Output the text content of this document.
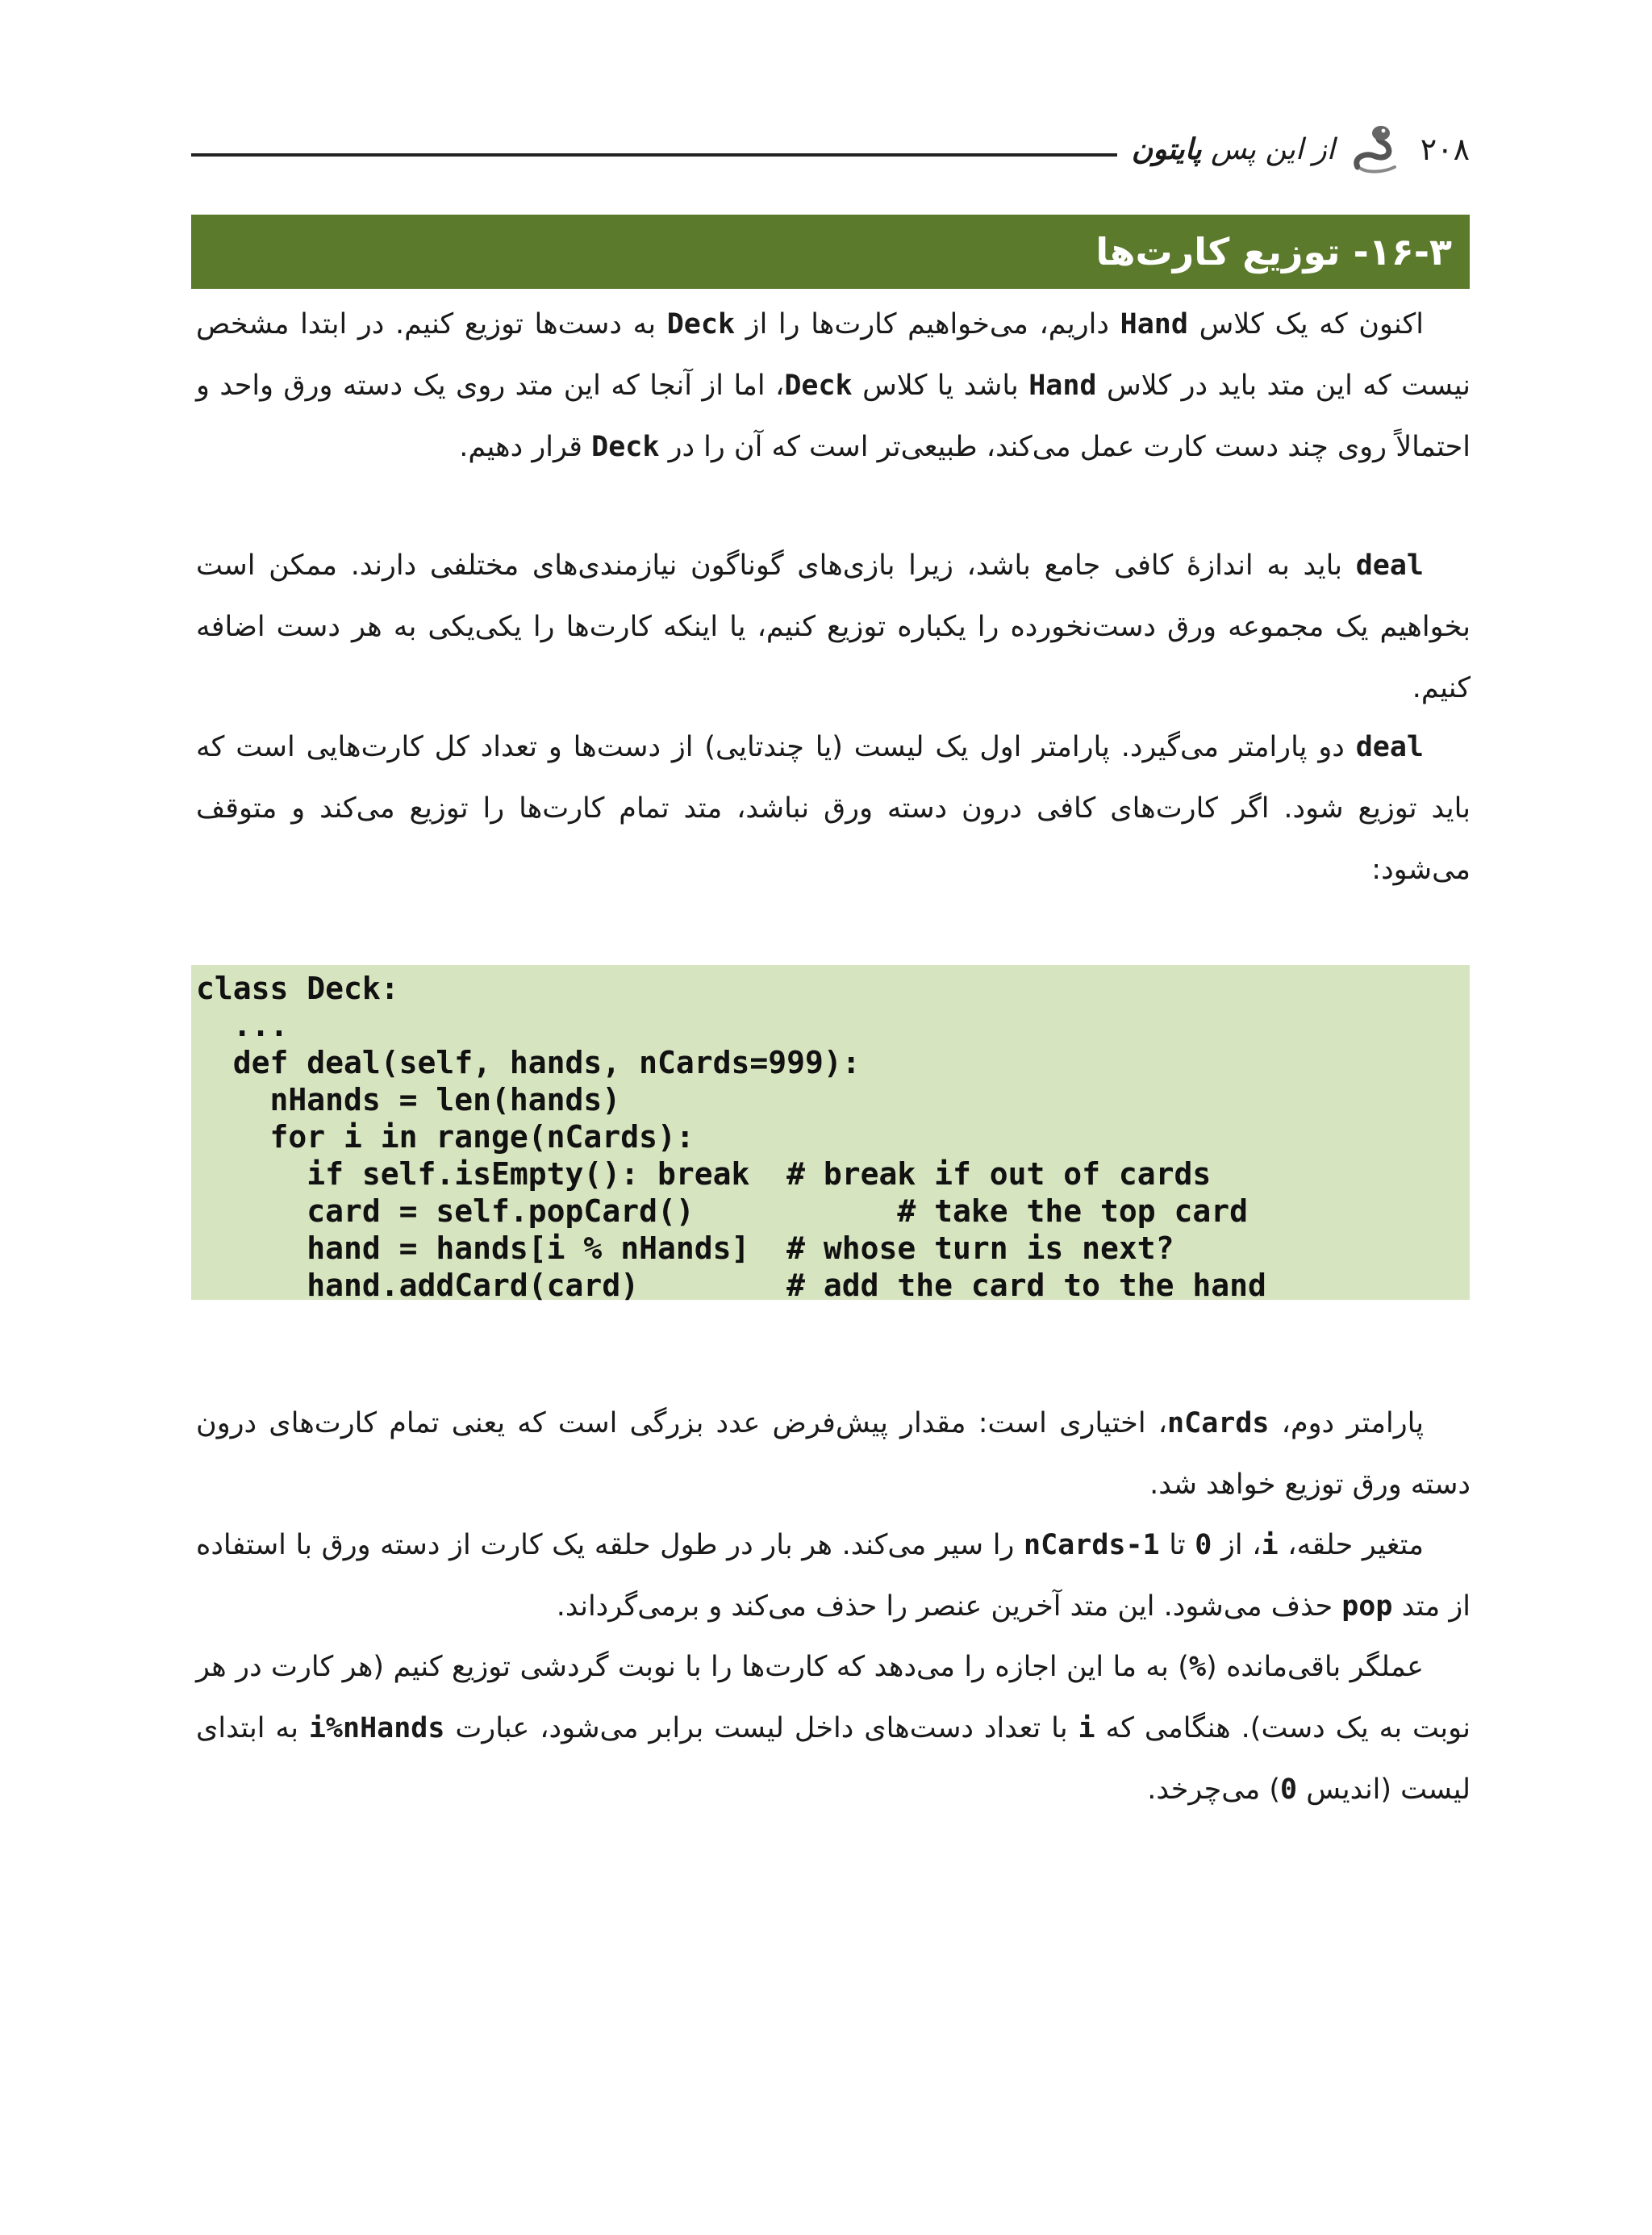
۲۰۸
از این پس پایتون
۱۶-۳- توزیع کارت‌ها
اکنون که یک کلاس Hand داریم، می‌خواهیم کارت‌ها را از Deck به دست‌ها توزیع کنیم. در ابتدا مشخص نیست که این متد باید در کلاس Hand باشد یا کلاس Deck، اما از آنجا که این متد روی یک دسته ورق واحد و احتمالاً روی چند دست کارت عمل می‌کند، طبیعی‌تر است که آن را در Deck قرار دهیم.
deal باید به اندازهٔ کافی جامع باشد، زیرا بازی‌های گوناگون نیازمندی‌های مختلفی دارند. ممکن است بخواهیم یک مجموعه ورق دست‌نخورده را یکباره توزیع کنیم، یا اینکه کارت‌ها را یکی‌یکی به هر دست اضافه کنیم.
deal دو پارامتر می‌گیرد. پارامتر اول یک لیست (یا چندتایی) از دست‌ها و تعداد کل کارت‌هایی است که باید توزیع شود. اگر کارت‌های کافی درون دسته ورق نباشد، متد تمام کارت‌ها را توزیع می‌کند و متوقف می‌شود:
class Deck:
...
def deal(self, hands, nCards=999):
nHands = len(hands)
for i in range(nCards):
if self.isEmpty(): break  # break if out of cards
card = self.popCard()           # take the top card
hand = hands[i % nHands]  # whose turn is next?
hand.addCard(card)        # add the card to the hand
پارامتر دوم، nCards، اختیاری است: مقدار پیش‌فرض عدد بزرگی است که یعنی تمام کارت‌های درون دسته ورق توزیع خواهد شد.
متغیر حلقه، i، از 0 تا nCards-1 را سیر می‌کند. هر بار در طول حلقه یک کارت از دسته ورق با استفاده از متد pop حذف می‌شود. این متد آخرین عنصر را حذف می‌کند و برمی‌گرداند.
عملگر باقی‌مانده (%) به ما این اجازه را می‌دهد که کارت‌ها را با نوبت گردشی توزیع کنیم (هر کارت در هر نوبت به یک دست). هنگامی که i با تعداد دست‌های داخل لیست برابر می‌شود، عبارت i%nHands به ابتدای لیست (اندیس 0) می‌چرخد.
